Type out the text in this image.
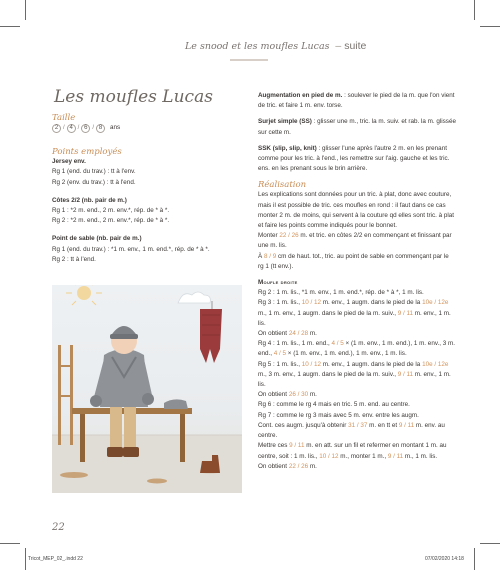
Le snood et les moufles Lucas – suite
Les moufles Lucas

Taille

2 / 4 / 6 / 8	ans

Points employés

Jersey env.

Rg 1 (end. du trav.) : tt à l'env.

Rg 2 (env. du trav.) : tt à l'end.

Côtes 2/2 (nb. pair de m.)

Rg 1 : *2 m. end., 2 m. env.*, rép. de * à *.

Rg 2 : *2 m. end., 2 m. env.*, rép. de * à *.

Point de sable (nb. pair de m.)

Rg 1 (end. du trav.) : *1 m. env., 1 m. end.*, rép. de * à *.

Rg 2 : tt à l'end.

Augmentation en pied de m. : soulever le pied de la m. que l'on vient de tric. et faire 1 m. env. torse.

Surjet simple (SS) : glisser une m., tric. la m. suiv. et rab. la m. glissée sur cette m.

SSK (slip, slip, knit) : glisser l'une après l'autre 2 m. en les prenant comme pour les tric. à l'end., les remettre sur l'aig. gauche et les tric. ens. en les prenant sous le brin arrière.

Réalisation

Les explications sont données pour un tric. à plat, donc avec couture, mais il est possible de tric. ces moufles en rond : il faut dans ce cas monter 2 m. de moins, qui servent à la couture qd elles sont tric. à plat et faire les points comme indiqués pour le bonnet.

Monter 22 / 26 m. et tric. en côtes 2/2 en commençant et finissant par une m. lis.

À 8 / 9 cm de haut. tot., tric. au point de sable en commençant par le rg 1 (tt env.).

Moufle droite

Rg 2 : 1 m. lis., *1 m. env., 1 m. end.*, rép. de * à *, 1 m. lis.

Rg 3 : 1 m. lis., 10 / 12 m. env., 1 augm. dans le pied de la 10e / 12e m., 1 m. env., 1 augm. dans le pied de la m. suiv., 9 / 11 m. env., 1 m. lis.

On obtient 24 / 28 m.

Rg 4 : 1 m. lis., 1 m. end., 4 / 5 × (1 m. env., 1 m. end.), 1 m. env., 3 m. end., 4 / 5 × (1 m. env., 1 m. end.), 1 m. env., 1 m. lis.

Rg 5 : 1 m. lis., 10 / 12 m. env., 1 augm. dans le pied de la 10e / 12e m., 3 m. env., 1 augm. dans le pied de la m. suiv., 9 / 11 m. env., 1 m. lis.

On obtient 26 / 30 m.

Rg 6 : comme le rg 4 mais en tric. 5 m. end. au centre.

Rg 7 : comme le rg 3 mais avec 5 m. env. entre les augm.

Cont. ces augm. jusqu'à obtenir 31 / 37 m. en tt et 9 / 11 m. env. au centre.

Mettre ces 9 / 11 m. en att. sur un fil et refermer en montant 1 m. au centre, soit : 1 m. lis., 10 / 12 m., monter 1 m., 9 / 11 m., 1 m. lis.

On obtient 22 / 26 m.

22
Tricot_MEP_02_.indd 22	07/02/2020 14:18
